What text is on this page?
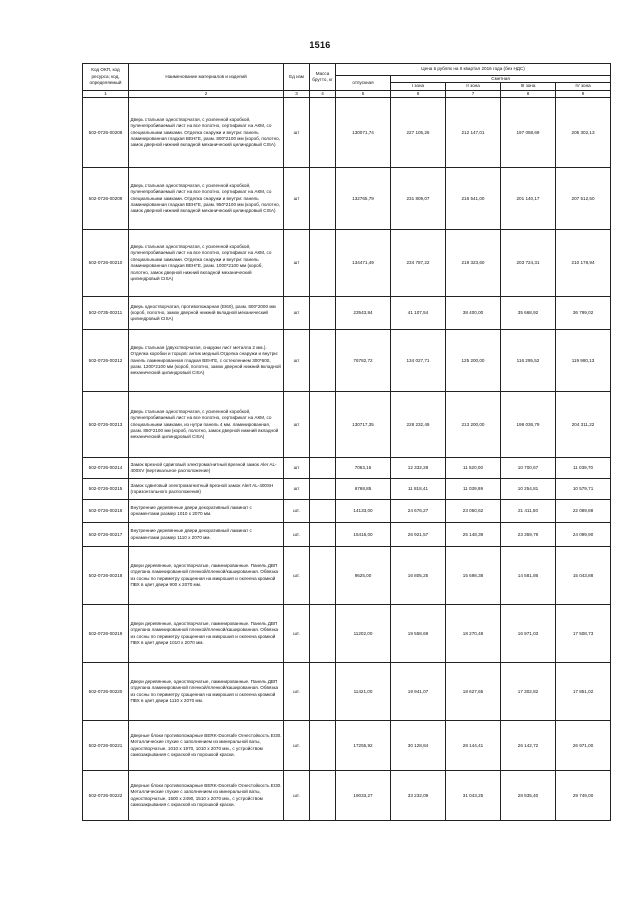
1516
Код ОКП, код ресурса; код, определяемый	Наименование материалов и изделий	Ед изм	Масса брутто, кг	Цена в рублях на II квартал 2016 года (без НДС)				
				отпускная	Сметная			
					I зона	II зона	III зона	IV зона
1	2	3	4	5	6	7	8	9
502-0726-00208	Дверь стальная одностворчатая, с усиленной коробкой, пуленепробиваемый лист на все полотно, сертификат на АКМ, со специальными замками. Отделка снаружи и внутри: панель ламинированная гладкая ВЕНГЕ, разм. 800*2100 мм (короб, полотно, замок дверной нижний вкладной механический цилиндровый CISA)	шт		130071,74	227 105,26	212 147,01	197 058,69	205 302,13
502-0726-00209	Дверь стальная одностворчатая, с усиленной коробкой, пуленепробиваемый лист на все полотно, сертификат на АКМ, со специальными замками. Отделка снаружи и внутри: панель ламинированная гладкая ВЕНГЕ, разм. 950*2100 мм (короб, полотно, замок дверной нижний вкладной механический цилиндровый CISA)	шт		132765,79	231 809,07	216 541,00	201 140,17	207 512,50
502-0726-00210	Дверь стальная одностворчатая, с усиленной коробкой, пуленепробиваемый лист на все полотно, сертификат на АКМ, со специальными замками. Отделка снаружи и внутри: панель ламинированная гладкая ВЕНГЕ, разм. 1000*2100 мм (короб, полотно, замок дверной нижний вкладной механический цилиндровый CISA)	шт		134471,49	234 787,22	219 323,60	203 724,31	210 178,94
502-0735-00211	Дверь одностворчатая, противопожарная (EI60), разм. 800*2000 мм (короб, полотно, замок дверной нижний вкладной механический цилиндровый CISA)	шт		23543,84	41 107,54	38 400,00	35 668,92	36 799,02
502-0726-00212	Дверь стальная (двухстворчатая, снаружи лист металла 2 мм.). Отделка коробки и торцов: антик медный.Отделка снаружи и внутри: панель ламинированная гладкая ВЕНГЕ, с остеклением 300*600, разм. 1200*2100 мм (короб, полотно, замок дверной нижний вкладной механический цилиндровый CISA)	шт		76782,72	134 027,71	125 200,00	116 295,52	119 980,13
502-0726-00213	Дверь стальная одностворчатая, с усиленной коробкой, пуленепробиваемый лист на все полотно, сертификат на АКМ, со специальными замками, из нутри панель 4 мм. ламинированная, разм. 850*2100 мм (короб, полотно, замок дверной нижний вкладной механический цилиндровый CISA)	шт		130717,35	228 232,49	213 200,00	198 036,79	204 311,22
502-0726-00214	Замок врезной сдвиговый электромагнитный врезной замок Aler AL-400SV (вертикальное расположение)	шт		7063,15	12 332,28	11 520,00	10 700,67	11 039,70
502-0726-00215	Замок сдвиговый электромагнитный врезной замок Alert AL-400SH (горизонтального расположения)	шт		6768,85	11 818,41	11 039,99	10 254,81	10 579,71
502-0726-00216	Внутренние деревянные двери декоративный ламинат с орнаментами размер 1010 х 2070 мм.	шт.		14133,00	24 676,27	23 050,62	21 411,50	22 089,88
502-0726-00217	Внутренние деревянные двери декоративный ламинат с орнаментами размер 1110 х 2070 мм.	шт.		15416,00	26 921,57	25 148,39	23 359,79	24 099,90
502-0726-00218	Двери деревянные, одностворчатые, ламинированные. Панель ДВП отделана ламинированной пленкой/пленкой/кашированная. Обвязка из сосны по периметру сращенная на микрошип и оклеена кромкой ПВХ в цвет двери 900 х 2070 мм.	шт.		9625,00	16 805,25	15 698,38	14 581,86	15 043,88
502-0726-00219	Двери деревянные, одностворчатые, ламинированные. Панель ДВП отделана ламинированной пленкой/пленкой/кашированная. Обвязка из сосны по периметру сращенная на микрошип и оклеена кромкой ПВХ в цвет двери 1010 х 2070 мм.	шт.		11202,00	19 558,69	18 270,48	16 971,03	17 508,73
502-0726-00220	Двери деревянные, одностворчатые, ламинированные. Панель ДВП отделана ламинированной пленкой/пленкой/кашированная. Обвязка из сосны по периметру сращенная на микрошип и оклеена кромкой ПВХ в цвет двери 1110 х 2070 мм.	шт.		11421,00	19 941,07	18 627,65	17 302,82	17 851,02
502-0726-00221	Дверные блоки противопожарные BERK-Doorsafe Огнестойкость EI30. Металлические глухие с заполнением из минеральной ваты, одностворчатые, 1010 х 1970, 1010 х 2070 мм., с устройством самозакрывания с окраской из порошкой краски.	шт.		17255,92	30 128,84	28 144,41	26 142,72	26 971,00
502-0726-00222	Дверные блоки противопожарные BERK-Doorsafe Огнестойкость EI30. Металлические глухие с заполнением из минеральной ваты, одностворчатые, 1500 х 2490, 1510 х 2070 мм., с устройством самозакрывания с окраской из порошкой краски.	шт.		19033,27	33 232,09	31 043,25	28 835,40	29 749,00
